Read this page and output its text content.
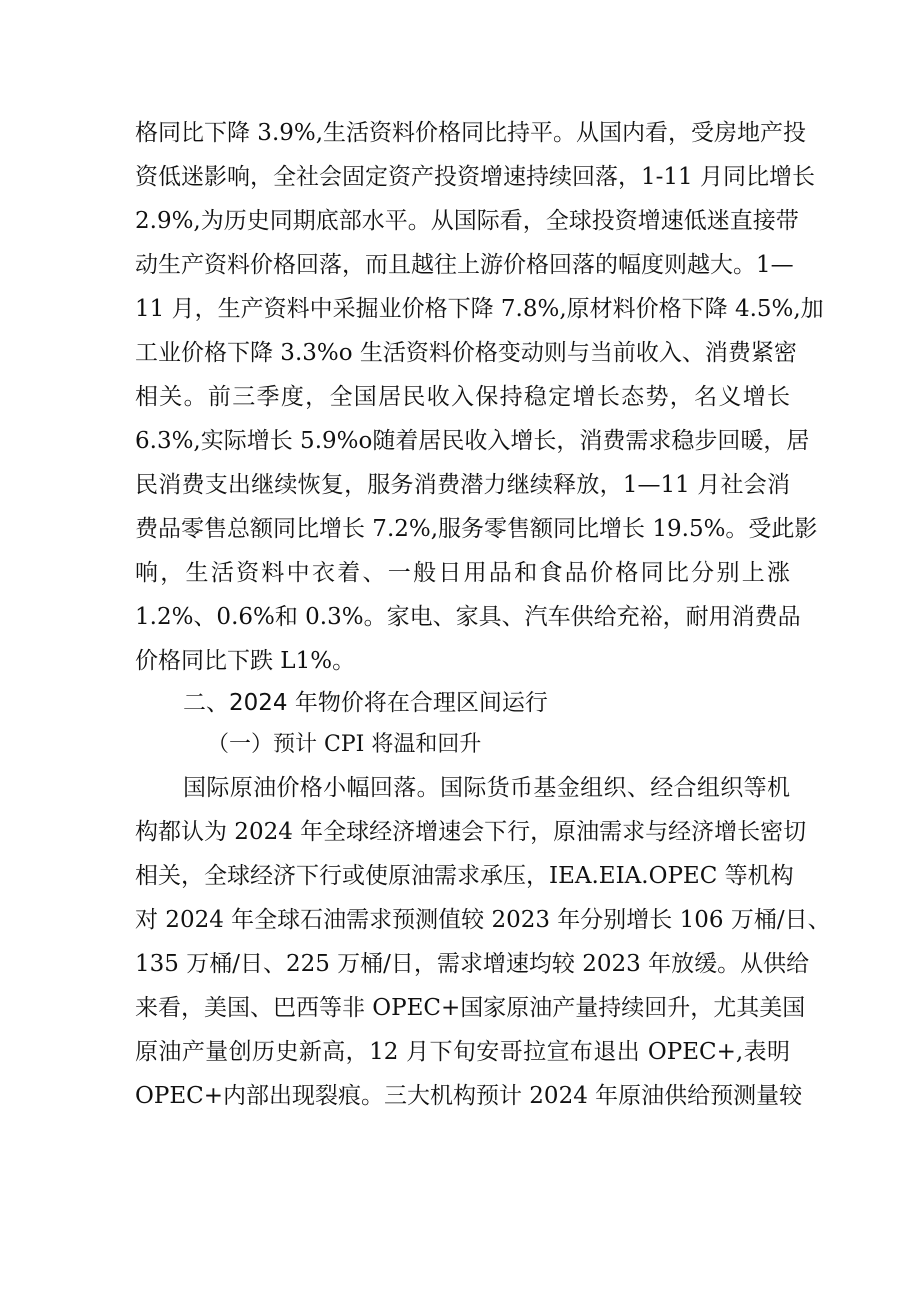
格同比下降 3.9%,生活资料价格同比持平。从国内看，受房地产投
资低迷影响，全社会固定资产投资增速持续回落，1-11 月同比增长
2.9%,为历史同期底部水平。从国际看，全球投资增速低迷直接带
动生产资料价格回落，而且越往上游价格回落的幅度则越大。1—
11 月，生产资料中采掘业价格下降 7.8%,原材料价格下降 4.5%,加
工业价格下降 3.3%o 生活资料价格变动则与当前收入、消费紧密
相关。前三季度，全国居民收入保持稳定增长态势，名义增长
6.3%,实际增长 5.9%o随着居民收入增长，消费需求稳步回暖，居
民消费支出继续恢复，服务消费潜力继续释放，1—11 月社会消
费品零售总额同比增长 7.2%,服务零售额同比增长 19.5%。受此影
响，生活资料中衣着、一般日用品和食品价格同比分别上涨
1.2%、0.6%和 0.3%。家电、家具、汽车供给充裕，耐用消费品
价格同比下跌 L1%。
二、2024 年物价将在合理区间运行
（一）预计 CPI 将温和回升
国际原油价格小幅回落。国际货币基金组织、经合组织等机
构都认为 2024 年全球经济增速会下行，原油需求与经济增长密切
相关，全球经济下行或使原油需求承压，IEA.EIA.OPEC 等机构
对 2024 年全球石油需求预测值较 2023 年分别增长 106 万桶/日、
135 万桶/日、225 万桶/日，需求增速均较 2023 年放缓。从供给
来看，美国、巴西等非 OPEC+国家原油产量持续回升，尤其美国
原油产量创历史新高，12 月下旬安哥拉宣布退出 OPEC+,表明
OPEC+内部出现裂痕。三大机构预计 2024 年原油供给预测量较
